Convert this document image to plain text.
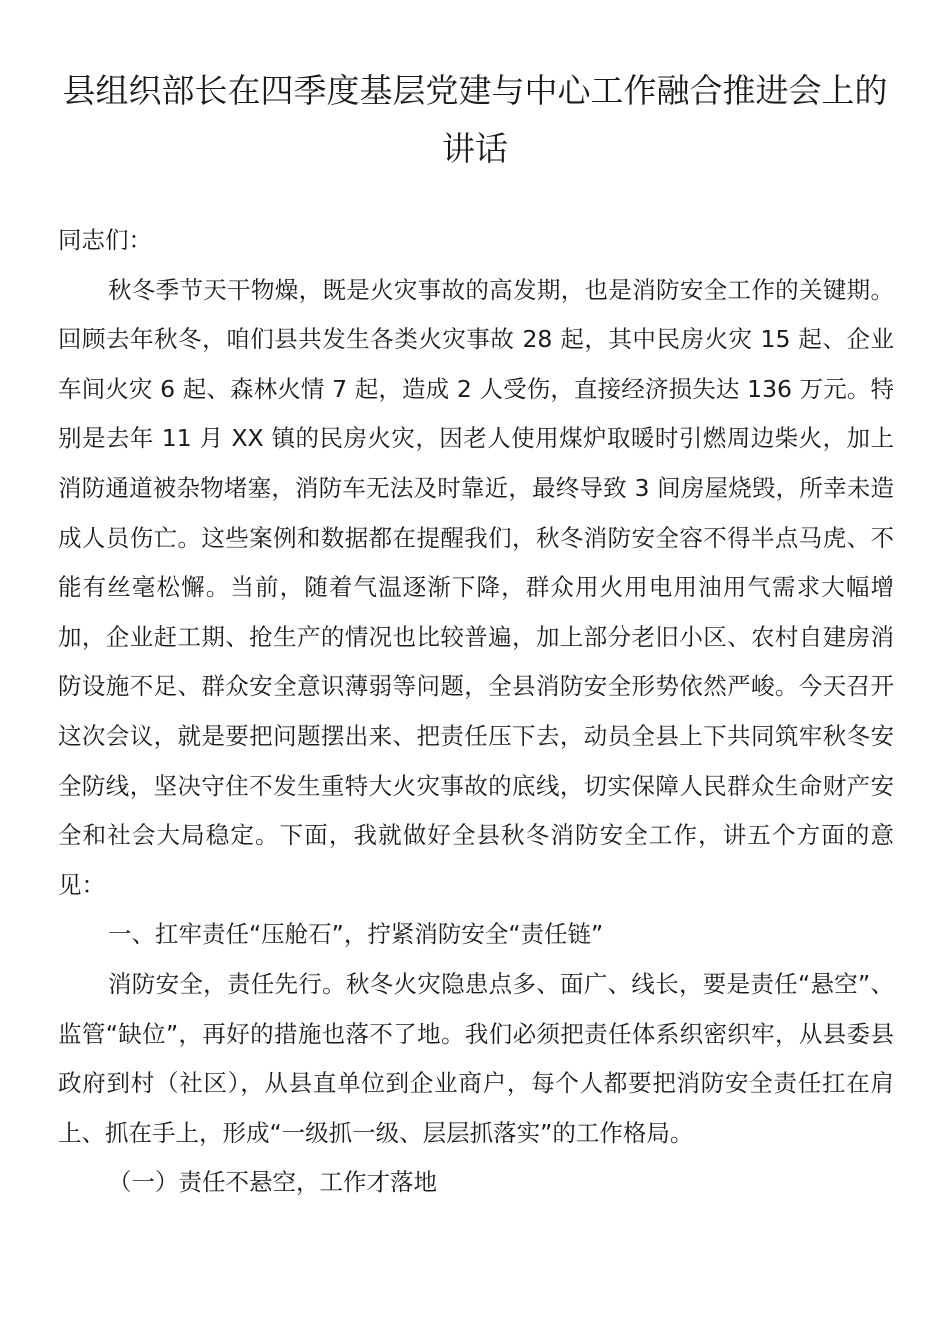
县组织部长在四季度基层党建与中心工作融合推进会上的讲话

同志们：

秋冬季节天干物燥，既是火灾事故的高发期，也是消防安全工作的关键期。回顾去年秋冬，咱们县共发生各类火灾事故 28 起，其中民房火灾 15 起、企业车间火灾 6 起、森林火情 7 起，造成 2 人受伤，直接经济损失达 136 万元。特别是去年 11 月 XX 镇的民房火灾，因老人使用煤炉取暖时引燃周边柴火，加上消防通道被杂物堵塞，消防车无法及时靠近，最终导致 3 间房屋烧毁，所幸未造成人员伤亡。这些案例和数据都在提醒我们，秋冬消防安全容不得半点马虎、不能有丝毫松懈。当前，随着气温逐渐下降，群众用火用电用油用气需求大幅增加，企业赶工期、抢生产的情况也比较普遍，加上部分老旧小区、农村自建房消防设施不足、群众安全意识薄弱等问题，全县消防安全形势依然严峻。今天召开这次会议，就是要把问题摆出来、把责任压下去，动员全县上下共同筑牢秋冬安全防线，坚决守住不发生重特大火灾事故的底线，切实保障人民群众生命财产安全和社会大局稳定。下面，我就做好全县秋冬消防安全工作，讲五个方面的意见：

一、扛牢责任“压舱石”，拧紧消防安全“责任链”

消防安全，责任先行。秋冬火灾隐患点多、面广、线长，要是责任“悬空”、监管“缺位”，再好的措施也落不了地。我们必须把责任体系织密织牢，从县委县政府到村（社区），从县直单位到企业商户，每个人都要把消防安全责任扛在肩上、抓在手上，形成“一级抓一级、层层抓落实”的工作格局。

（一）责任不悬空，工作才落地
